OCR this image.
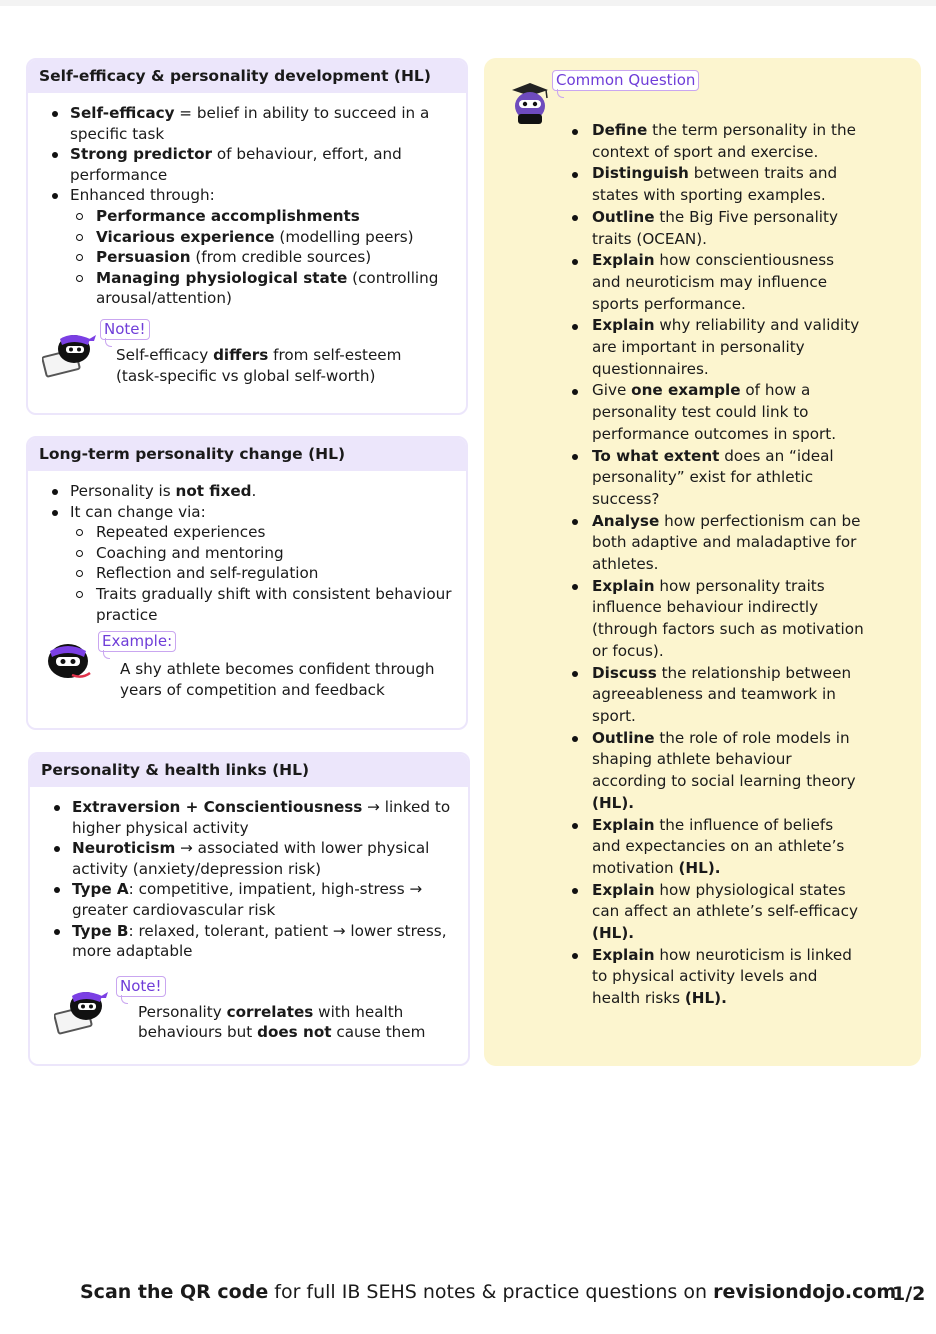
Self-efficacy & personality development (HL)
Self-efficacy = belief in ability to succeed in a specific task
Strong predictor of behaviour, effort, and performance
Enhanced through:
Performance accomplishments
Vicarious experience (modelling peers)
Persuasion (from credible sources)
Managing physiological state (controlling arousal/attention)
Note!
Self-efficacy differs from self-esteem (task-specific vs global self-worth)
Long-term personality change (HL)
Personality is not fixed.
It can change via:
Repeated experiences
Coaching and mentoring
Reflection and self-regulation
Traits gradually shift with consistent behaviour practice
Example:
A shy athlete becomes confident through years of competition and feedback
Personality & health links (HL)
Extraversion + Conscientiousness → linked to higher physical activity
Neuroticism → associated with lower physical activity (anxiety/depression risk)
Type A: competitive, impatient, high-stress → greater cardiovascular risk
Type B: relaxed, tolerant, patient → lower stress, more adaptable
Note!
Personality correlates with health behaviours but does not cause them
Common Question
Define the term personality in the context of sport and exercise.
Distinguish between traits and states with sporting examples.
Outline the Big Five personality traits (OCEAN).
Explain how conscientiousness and neuroticism may influence sports performance.
Explain why reliability and validity are important in personality questionnaires.
Give one example of how a personality test could link to performance outcomes in sport.
To what extent does an “ideal personality” exist for athletic success?
Analyse how perfectionism can be both adaptive and maladaptive for athletes.
Explain how personality traits influence behaviour indirectly (through factors such as motivation or focus).
Discuss the relationship between agreeableness and teamwork in sport.
Outline the role of role models in shaping athlete behaviour according to social learning theory (HL).
Explain the influence of beliefs and expectancies on an athlete’s motivation (HL).
Explain how physiological states can affect an athlete’s self-efficacy (HL).
Explain how neuroticism is linked to physical activity levels and health risks (HL).
Scan the QR code for full IB SEHS notes & practice questions on revisiondojo.com
1/2
